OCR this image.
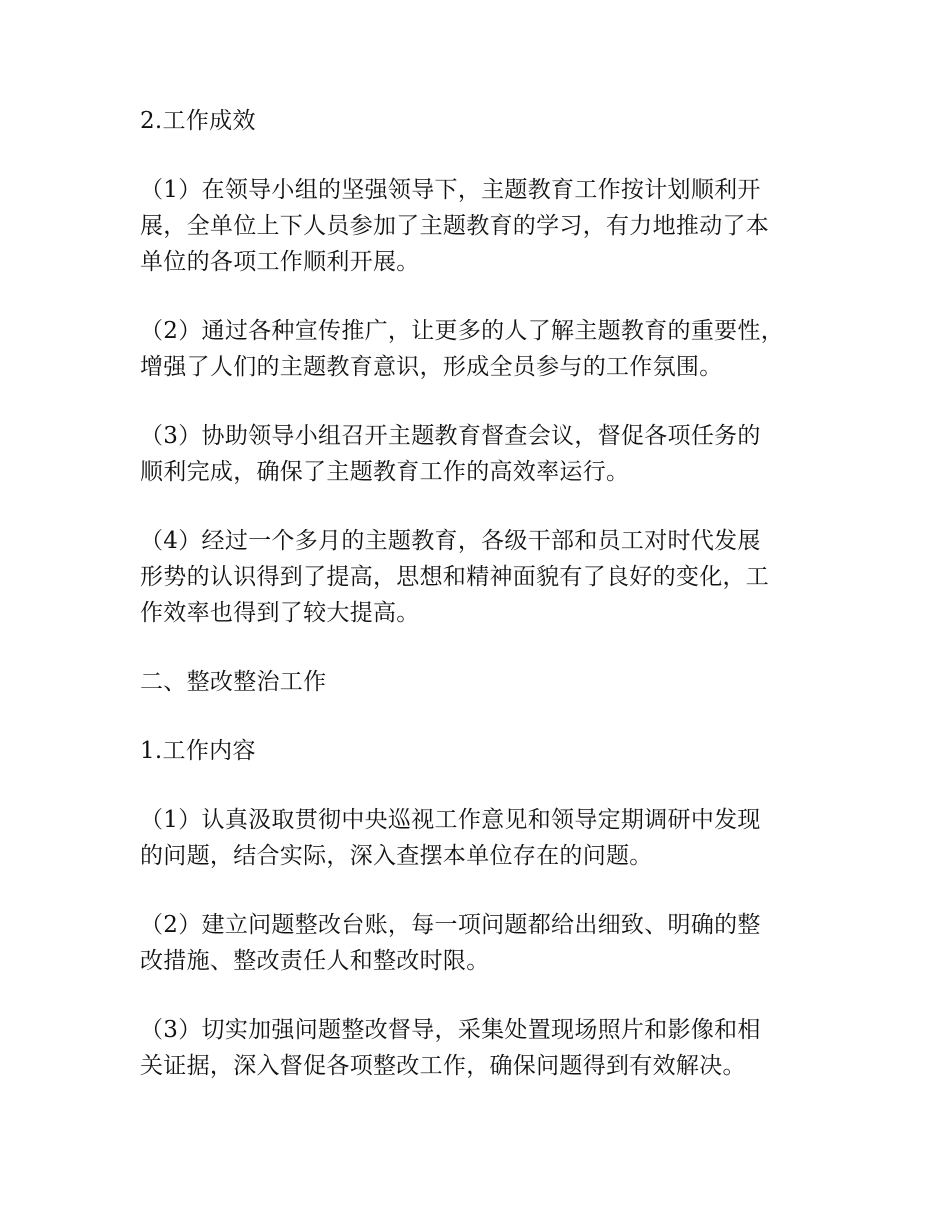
2.工作成效

（1）在领导小组的坚强领导下，主题教育工作按计划顺利开
展，全单位上下人员参加了主题教育的学习，有力地推动了本
单位的各项工作顺利开展。

（2）通过各种宣传推广，让更多的人了解主题教育的重要性，
增强了人们的主题教育意识，形成全员参与的工作氛围。

（3）协助领导小组召开主题教育督查会议，督促各项任务的
顺利完成，确保了主题教育工作的高效率运行。

（4）经过一个多月的主题教育，各级干部和员工对时代发展
形势的认识得到了提高，思想和精神面貌有了良好的变化，工
作效率也得到了较大提高。

二、整改整治工作

1.工作内容

（1）认真汲取贯彻中央巡视工作意见和领导定期调研中发现
的问题，结合实际，深入查摆本单位存在的问题。

（2）建立问题整改台账，每一项问题都给出细致、明确的整
改措施、整改责任人和整改时限。

（3）切实加强问题整改督导，采集处置现场照片和影像和相
关证据，深入督促各项整改工作，确保问题得到有效解决。
